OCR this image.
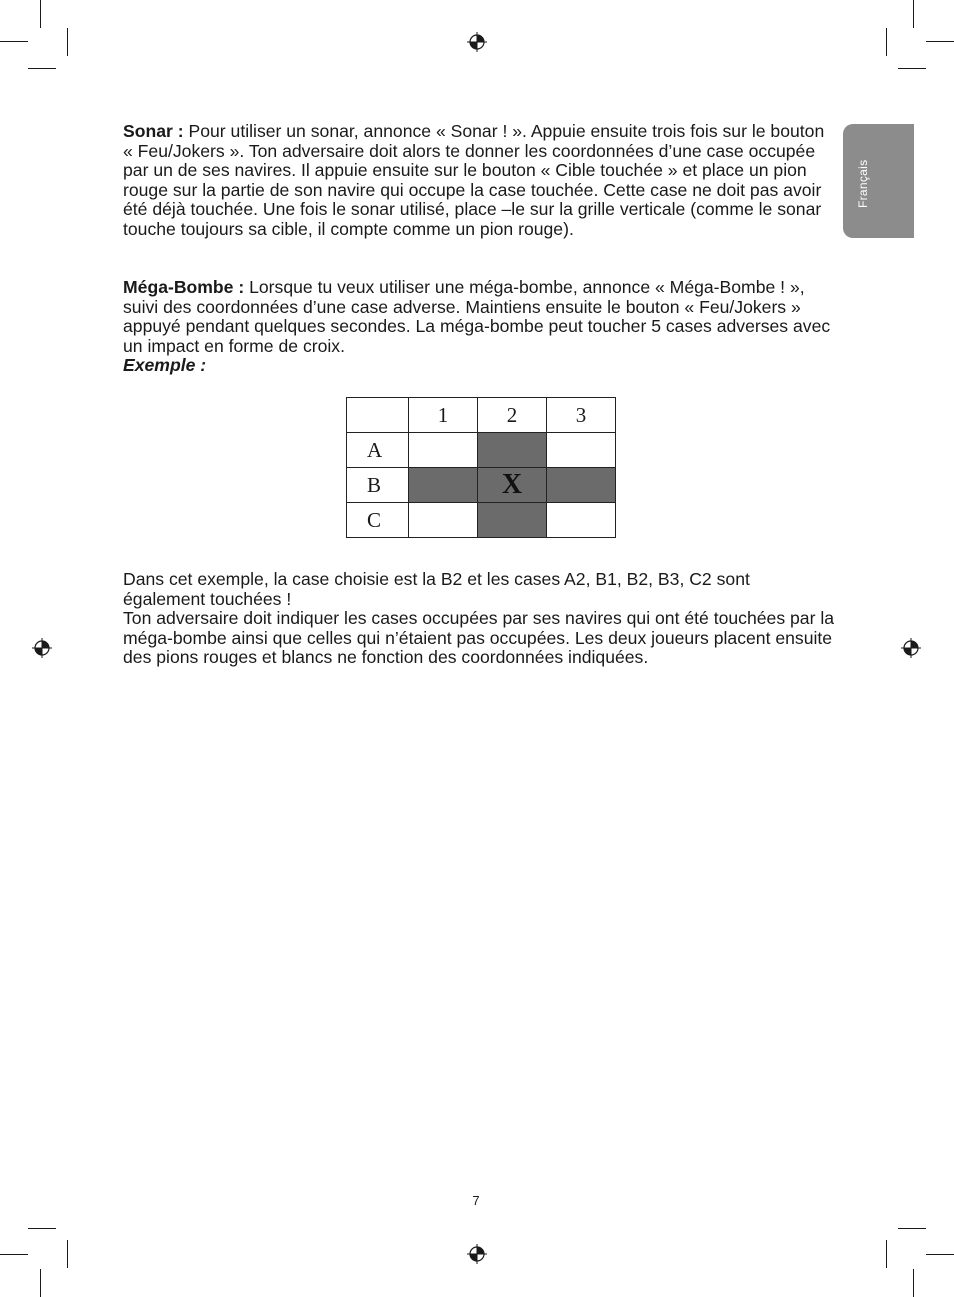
Français

Sonar : Pour utiliser un sonar, annonce « Sonar ! ». Appuie ensuite trois fois sur le bouton « Feu/Jokers ». Ton adversaire doit alors te donner les coordonnées d’une case occupée par un de ses navires. Il appuie ensuite sur le bouton « Cible touchée » et place un pion rouge sur la partie de son navire qui occupe la case touchée. Cette case ne doit pas avoir été déjà touchée. Une fois le sonar utilisé, place –le sur la grille verticale (comme le sonar touche toujours sa cible, il compte comme un pion rouge).

Méga-Bombe : Lorsque tu veux utiliser une méga-bombe, annonce « Méga-Bombe ! », suivi des coordonnées d’une case adverse. Maintiens ensuite le bouton « Feu/Jokers » appuyé pendant quelques secondes. La méga-bombe peut toucher 5 cases adverses avec un impact en forme de croix.
Exemple :

	1	2	3
A			
B		X	
C			

Dans cet exemple, la case choisie est la B2 et les cases A2, B1, B2, B3, C2 sont également touchées !
Ton adversaire doit indiquer les cases occupées par ses navires qui ont été touchées par la méga-bombe ainsi que celles qui n’étaient pas occupées. Les deux joueurs placent ensuite des pions rouges et blancs ne fonction des coordonnées indiquées.

7
